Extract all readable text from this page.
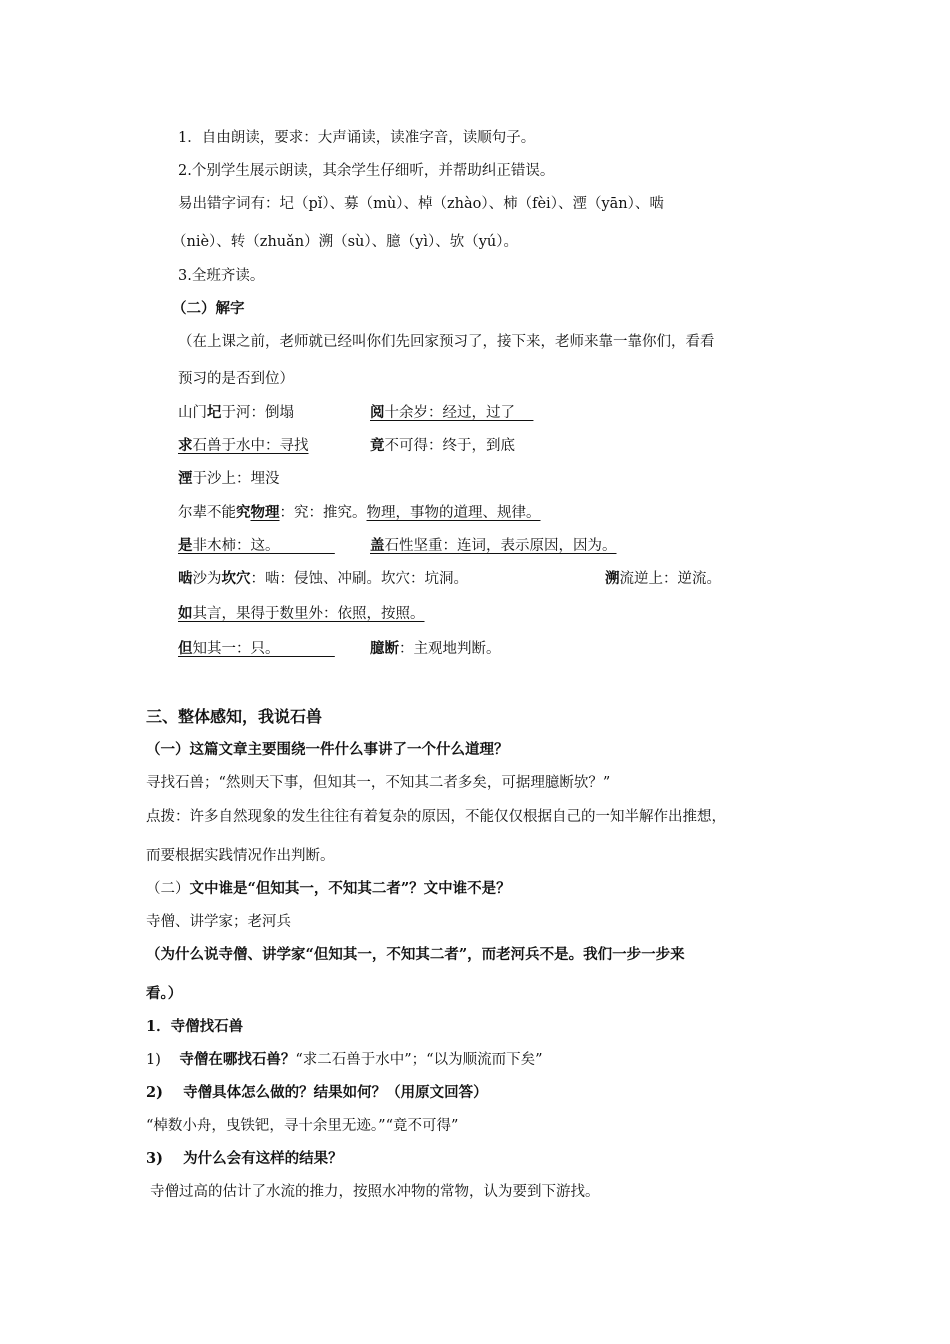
1．自由朗读，要求：大声诵读，读准字音，读顺句子。
2.个别学生展示朗读，其余学生仔细听，并帮助纠正错误。
易出错字词有：圮（pǐ）、募（mù）、棹（zhào）、柿（fèi）、湮（yān）、啮
（niè）、转（zhuǎn）溯（sù）、臆（yì）、欤（yú）。
3.全班齐读。
（二）解字
（在上课之前，老师就已经叫你们先回家预习了，接下来，老师来靠一靠你们，看看
预习的是否到位）
山门圮于河：倒塌	阅十余岁：经过，过了
求石兽于水中：寻找	竟不可得：终于，到底
湮于沙上：埋没
尔辈不能究物理：究：推究。物理，事物的道理、规律。
是非木柿：这。	盖石性坚重：连词，表示原因，因为。
啮沙为坎穴：啮：侵蚀、冲刷。坎穴：坑洞。	溯流逆上：逆流。
如其言，果得于数里外：依照，按照。
但知其一：只。	臆断：主观地判断。
三、整体感知，我说石兽
（一）这篇文章主要围绕一件什么事讲了一个什么道理？
寻找石兽；“然则天下事，但知其一，不知其二者多矣，可据理臆断欤？”
点拨：许多自然现象的发生往往有着复杂的原因，不能仅仅根据自己的一知半解作出推想，
而要根据实践情况作出判断。
（二）文中谁是“但知其一，不知其二者”？文中谁不是？
寺僧、讲学家；老河兵
（为什么说寺僧、讲学家“但知其一，不知其二者”，而老河兵不是。我们一步一步来
看。）
1．寺僧找石兽
1) 寺僧在哪找石兽？“求二石兽于水中”；“以为顺流而下矣”
2) 寺僧具体怎么做的？结果如何？（用原文回答）
“棹数小舟，曳铁钯，寻十余里无迹。”“竟不可得”
3) 为什么会有这样的结果？
寺僧过高的估计了水流的推力，按照水冲物的常物，认为要到下游找。
